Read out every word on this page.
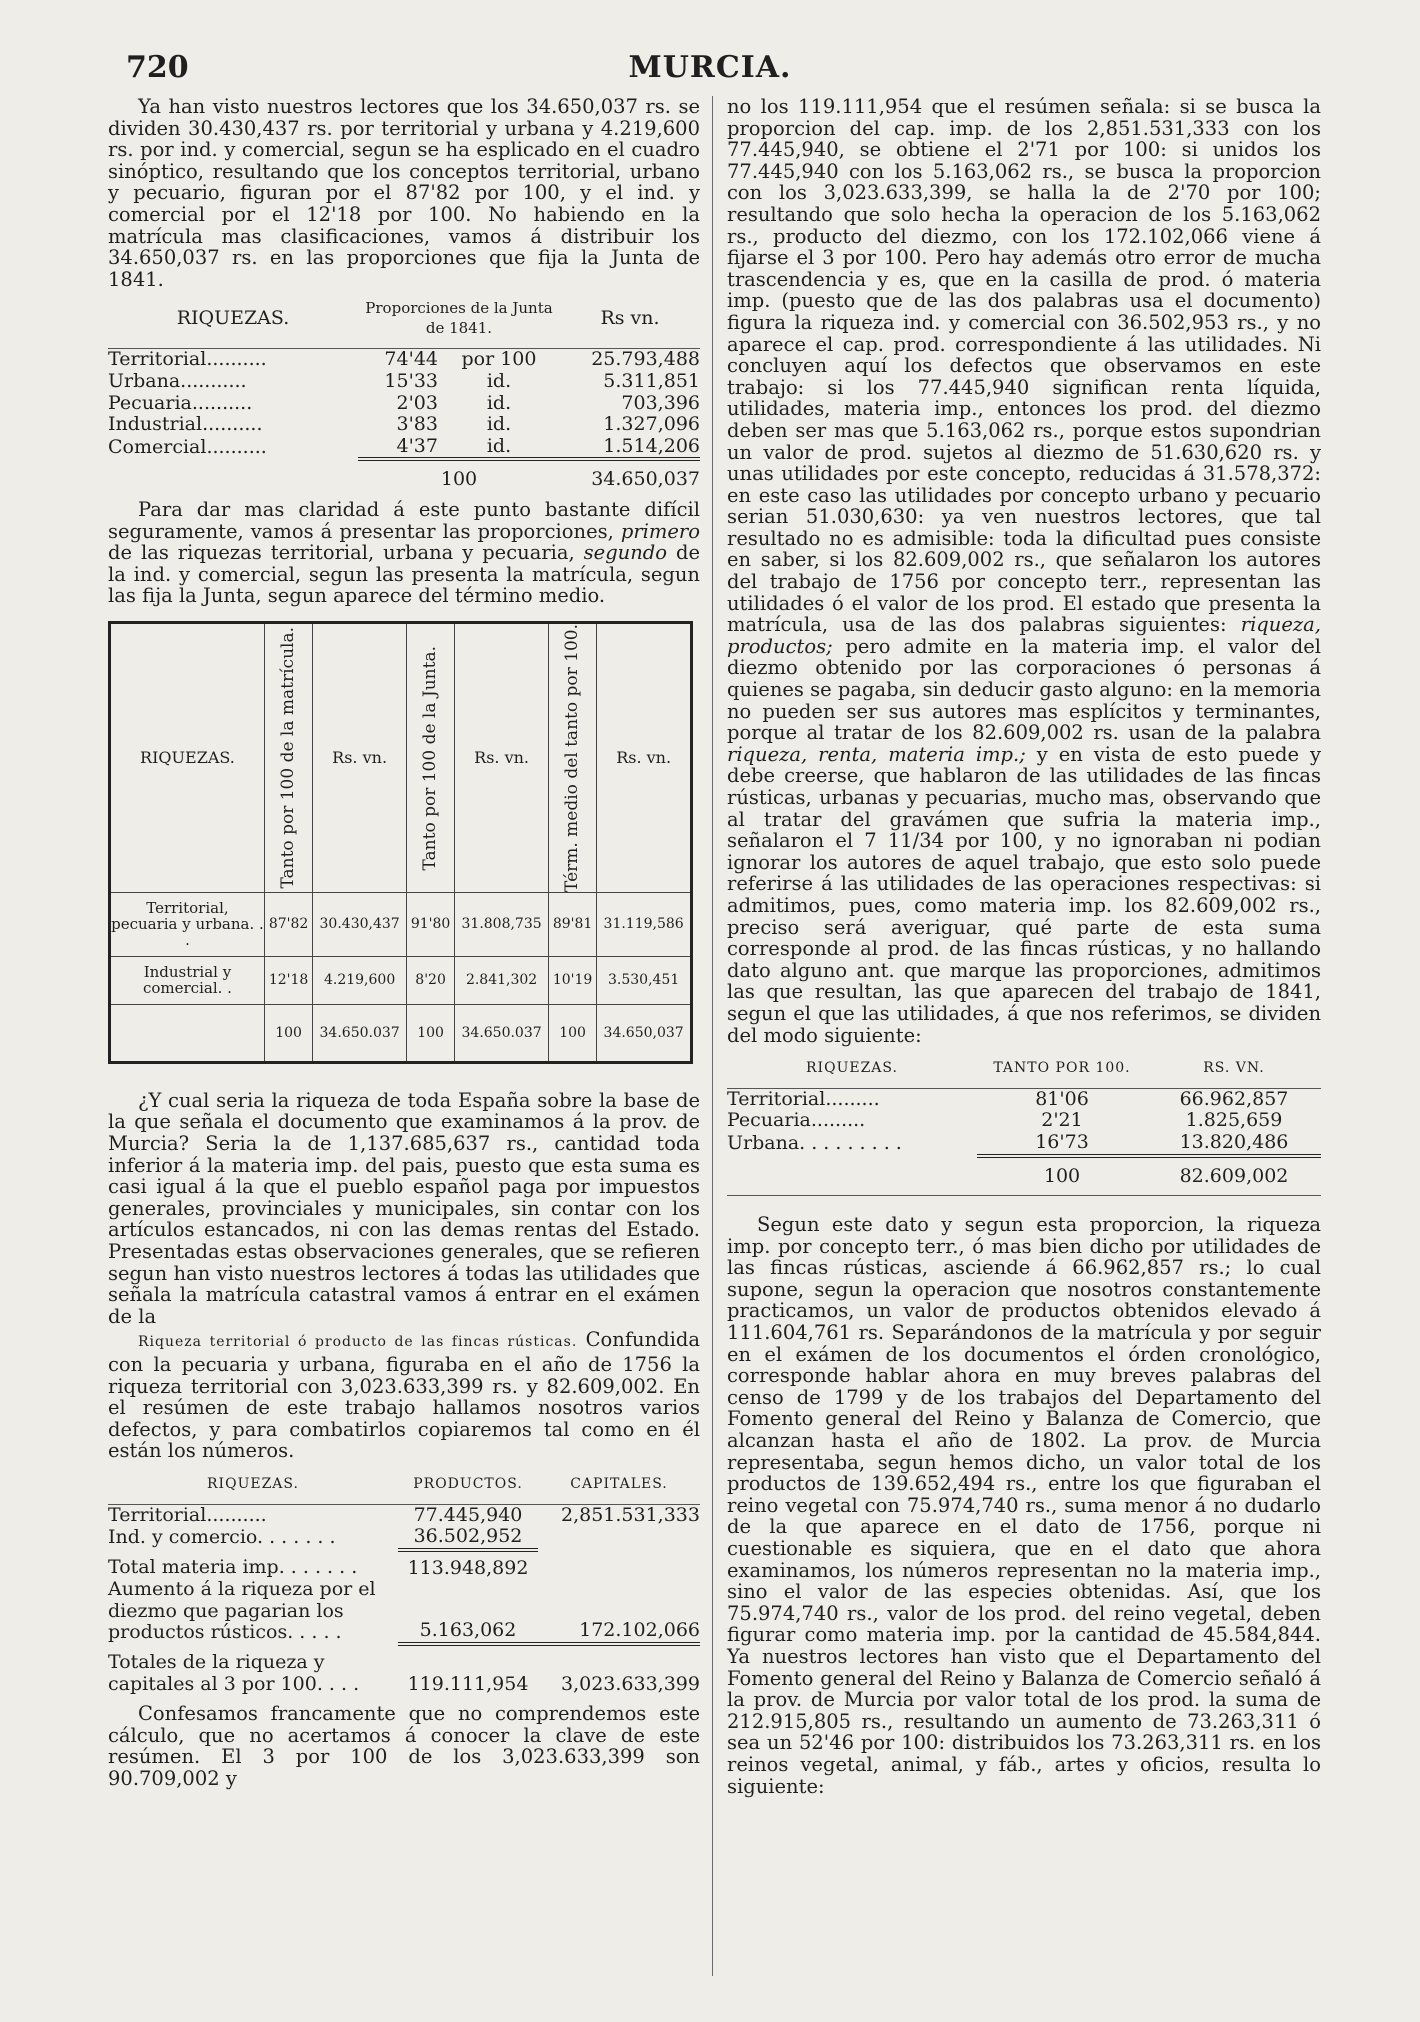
720	MURCIA.

Ya han visto nuestros lectores que los 34.650,037 rs. se dividen 30.430,437 rs. por territorial y urbana y 4.219,600 rs. por ind. y comercial, segun se ha esplicado en el cuadro sinóptico, resultando que los conceptos territorial, urbano y pecuario, figuran por el 87'82 por 100, y el ind. y comercial por el 12'18 por 100. No habiendo en la matrícula mas clasificaciones, vamos á distribuir los 34.650,037 rs. en las proporciones que fija la Junta de 1841.

RIQUEZAS.	Proporciones de la Junta de 1841.		Rs vn.

Territorial..........	74'44	por 100	25.793,488
Urbana...........	15'33	id.	5.311,851
Pecuaria..........	2'03	id.	703,396
Industrial..........	3'83	id.	1.327,096
Comercial..........	4'37	id.	1.514,206
	100		34.650,037

Para dar mas claridad á este punto bastante difícil seguramente, vamos á presentar las proporciones, primero de las riquezas territorial, urbana y pecuaria, segundo de la ind. y comercial, segun las presenta la matrícula, segun las fija la Junta, segun aparece del término medio.

RIQUEZAS.	Tanto por 100 de la matrícula.	Rs. vn.	Tanto por 100 de la Junta.	Rs. vn.	Térm. medio del tanto por 100.	Rs. vn.
Territorial, pecuaria y urbana. . .	87'82	30.430,437	91'80	31.808,735	89'81	31.119,586
Industrial y comercial. .	12'18	4.219,600	8'20	2.841,302	10'19	3.530,451
	100	34.650.037	100	34.650.037	100	34.650,037

¿Y cual seria la riqueza de toda España sobre la base de la que señala el documento que examinamos á la prov. de Murcia? Seria la de 1,137.685,637 rs., cantidad toda inferior á la materia imp. del pais, puesto que esta suma es casi igual á la que el pueblo español paga por impuestos generales, provinciales y municipales, sin contar con los artículos estancados, ni con las demas rentas del Estado. Presentadas estas observaciones generales, que se refieren segun han visto nuestros lectores á todas las utilidades que señala la matrícula catastral vamos á entrar en el exámen de la

Riqueza territorial ó producto de las fincas rústicas. Confundida con la pecuaria y urbana, figuraba en el año de 1756 la riqueza territorial con 3,023.633,399 rs. y 82.609,002. En el resúmen de este trabajo hallamos nosotros varios defectos, y para combatirlos copiaremos tal como en él están los números.

RIQUEZAS.	PRODUCTOS.	CAPITALES.

Territorial..........	77.445,940	2,851.531,333
Ind. y comercio. . . . . . .	36.502,952	
Total materia imp. . . . . . .	113.948,892	
Aumento á la riqueza por el diezmo que pagarian los productos rústicos. . . . .	5.163,062	172.102,066
Totales de la riqueza y capitales al 3 por 100. . . .	119.111,954	3,023.633,399

Confesamos francamente que no comprendemos este cálculo, que no acertamos á conocer la clave de este resúmen. El 3 por 100 de los 3,023.633,399 son 90.709,002 y

no los 119.111,954 que el resúmen señala: si se busca la proporcion del cap. imp. de los 2,851.531,333 con los 77.445,940, se obtiene el 2'71 por 100: si unidos los 77.445,940 con los 5.163,062 rs., se busca la proporcion con los 3,023.633,399, se halla la de 2'70 por 100; resultando que solo hecha la operacion de los 5.163,062 rs., producto del diezmo, con los 172.102,066 viene á fijarse el 3 por 100. Pero hay además otro error de mucha trascendencia y es, que en la casilla de prod. ó materia imp. (puesto que de las dos palabras usa el documento) figura la riqueza ind. y comercial con 36.502,953 rs., y no aparece el cap. prod. correspondiente á las utilidades. Ni concluyen aquí los defectos que observamos en este trabajo: si los 77.445,940 significan renta líquida, utilidades, materia imp., entonces los prod. del diezmo deben ser mas que 5.163,062 rs., porque estos supondrian un valor de prod. sujetos al diezmo de 51.630,620 rs. y unas utilidades por este concepto, reducidas á 31.578,372: en este caso las utilidades por concepto urbano y pecuario serian 51.030,630: ya ven nuestros lectores, que tal resultado no es admisible: toda la dificultad pues consiste en saber, si los 82.609,002 rs., que señalaron los autores del trabajo de 1756 por concepto terr., representan las utilidades ó el valor de los prod. El estado que presenta la matrícula, usa de las dos palabras siguientes: riqueza, productos; pero admite en la materia imp. el valor del diezmo obtenido por las corporaciones ó personas á quienes se pagaba, sin deducir gasto alguno: en la memoria no pueden ser sus autores mas esplícitos y terminantes, porque al tratar de los 82.609,002 rs. usan de la palabra riqueza, renta, materia imp.; y en vista de esto puede y debe creerse, que hablaron de las utilidades de las fincas rústicas, urbanas y pecuarias, mucho mas, observando que al tratar del gravámen que sufria la materia imp., señalaron el 7 11/34 por 100, y no ignoraban ni podian ignorar los autores de aquel trabajo, que esto solo puede referirse á las utilidades de las operaciones respectivas: si admitimos, pues, como materia imp. los 82.609,002 rs., preciso será averiguar, qué parte de esta suma corresponde al prod. de las fincas rústicas, y no hallando dato alguno ant. que marque las proporciones, admitimos las que resultan, las que aparecen del trabajo de 1841, segun el que las utilidades, á que nos referimos, se dividen del modo siguiente:

RIQUEZAS.	TANTO POR 100.	RS. VN.

Territorial.........	81'06	66.962,857
Pecuaria.........	2'21	1.825,659
Urbana. . . . . . . . .	16'73	13.820,486
	100	82.609,002

Segun este dato y segun esta proporcion, la riqueza imp. por concepto terr., ó mas bien dicho por utilidades de las fincas rústicas, asciende á 66.962,857 rs.; lo cual supone, segun la operacion que nosotros constantemente practicamos, un valor de productos obtenidos elevado á 111.604,761 rs. Separándonos de la matrícula y por seguir en el exámen de los documentos el órden cronológico, corresponde hablar ahora en muy breves palabras del censo de 1799 y de los trabajos del Departamento del Fomento general del Reino y Balanza de Comercio, que alcanzan hasta el año de 1802. La prov. de Murcia representaba, segun hemos dicho, un valor total de los productos de 139.652,494 rs., entre los que figuraban el reino vegetal con 75.974,740 rs., suma menor á no dudarlo de la que aparece en el dato de 1756, porque ni cuestionable es siquiera, que en el dato que ahora examinamos, los números representan no la materia imp., sino el valor de las especies obtenidas. Así, que los 75.974,740 rs., valor de los prod. del reino vegetal, deben figurar como materia imp. por la cantidad de 45.584,844. Ya nuestros lectores han visto que el Departamento del Fomento general del Reino y Balanza de Comercio señaló á la prov. de Murcia por valor total de los prod. la suma de 212.915,805 rs., resultando un aumento de 73.263,311 ó sea un 52'46 por 100: distribuidos los 73.263,311 rs. en los reinos vegetal, animal, y fáb., artes y oficios, resulta lo siguiente:
